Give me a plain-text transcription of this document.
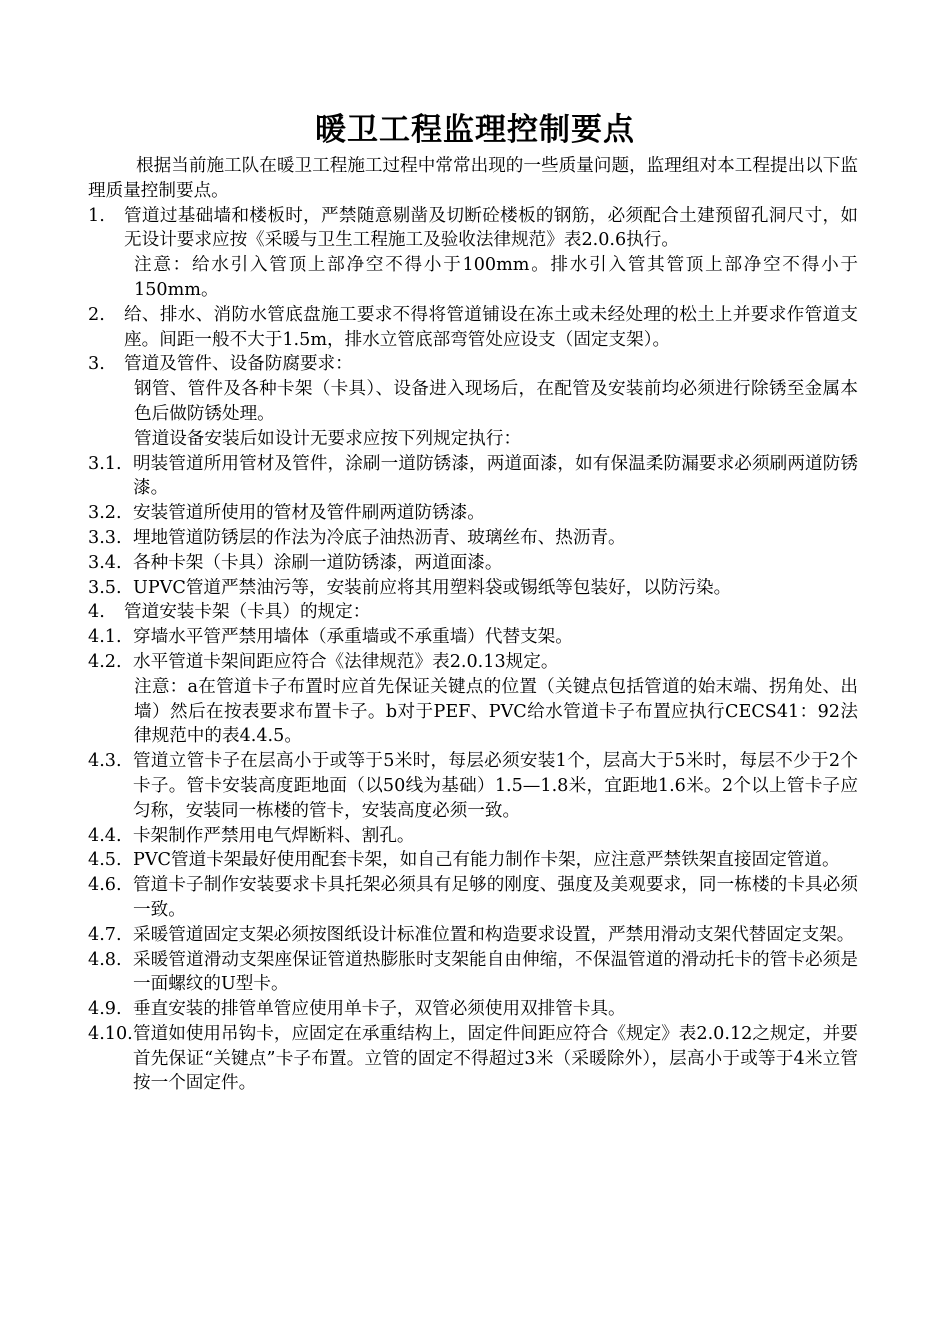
暖卫工程监理控制要点

根据当前施工队在暖卫工程施工过程中常常出现的一些质量问题，监理组对本工程提出以下监理质量控制要点。

1.	管道过基础墙和楼板时，严禁随意剔凿及切断砼楼板的钢筋，必须配合土建预留孔洞尺寸，如无设计要求应按《采暖与卫生工程施工及验收法律规范》表2.0.6执行。

注意：给水引入管顶上部净空不得小于100mm。排水引入管其管顶上部净空不得小于150mm。

2.	给、排水、消防水管底盘施工要求不得将管道铺设在冻土或未经处理的松土上并要求作管道支座。间距一般不大于1.5m，排水立管底部弯管处应设支（固定支架）。
3.	管道及管件、设备防腐要求：

钢管、管件及各种卡架（卡具）、设备进入现场后，在配管及安装前均必须进行除锈至金属本色后做防锈处理。

管道设备安装后如设计无要求应按下列规定执行：

3.1. 明装管道所用管材及管件，涂刷一道防锈漆，两道面漆，如有保温柔防漏要求必须刷两道防锈漆。
3.2. 安装管道所使用的管材及管件刷两道防锈漆。
3.3. 埋地管道防锈层的作法为冷底子油热沥青、玻璃丝布、热沥青。
3.4. 各种卡架（卡具）涂刷一道防锈漆，两道面漆。
3.5. UPVC管道严禁油污等，安装前应将其用塑料袋或锡纸等包装好，以防污染。
4.	管道安装卡架（卡具）的规定：
4.1. 穿墙水平管严禁用墙体（承重墙或不承重墙）代替支架。
4.2. 水平管道卡架间距应符合《法律规范》表2.0.13规定。

注意：a在管道卡子布置时应首先保证关键点的位置（关键点包括管道的始末端、拐角处、出墙）然后在按表要求布置卡子。b对于PEF、PVC给水管道卡子布置应执行CECS41：92法律规范中的表4.4.5。

4.3. 管道立管卡子在层高小于或等于5米时，每层必须安装1个，层高大于5米时，每层不少于2个卡子。管卡安装高度距地面（以50线为基础）1.5—1.8米，宜距地1.6米。2个以上管卡子应匀称，安装同一栋楼的管卡，安装高度必须一致。
4.4. 卡架制作严禁用电气焊断料、割孔。
4.5. PVC管道卡架最好使用配套卡架，如自己有能力制作卡架，应注意严禁铁架直接固定管道。
4.6. 管道卡子制作安装要求卡具托架必须具有足够的刚度、强度及美观要求，同一栋楼的卡具必须一致。
4.7. 采暖管道固定支架必须按图纸设计标准位置和构造要求设置，严禁用滑动支架代替固定支架。
4.8. 采暖管道滑动支架座保证管道热膨胀时支架能自由伸缩，不保温管道的滑动托卡的管卡必须是一面螺纹的U型卡。
4.9. 垂直安装的排管单管应使用单卡子，双管必须使用双排管卡具。
4.10. 管道如使用吊钩卡，应固定在承重结构上，固定件间距应符合《规定》表2.0.12之规定，并要首先保证“关键点”卡子布置。立管的固定不得超过3米（采暖除外），层高小于或等于4米立管按一个固定件。
